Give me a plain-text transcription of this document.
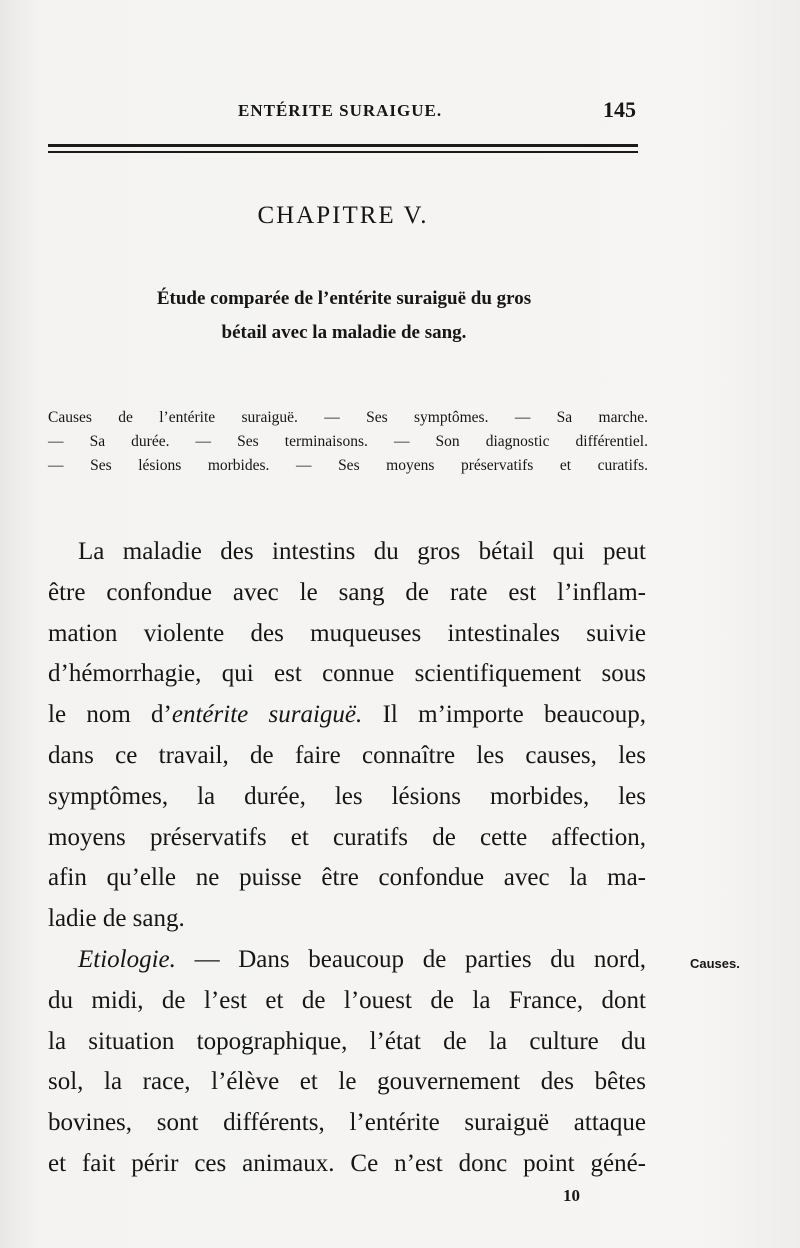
ENTÉRITE SURAIGUE.	145
CHAPITRE V.
Étude comparée de l’entérite suraiguë du gros
bétail avec la maladie de sang.
Causes de l’entérite suraiguë. — Ses symptômes. — Sa marche.
— Sa durée. — Ses terminaisons. — Son diagnostic différentiel.
— Ses lésions morbides. — Ses moyens préservatifs et curatifs.
La maladie des intestins du gros bétail qui peut
être confondue avec le sang de rate est l’inflam-
mation violente des muqueuses intestinales suivie
d’hémorrhagie, qui est connue scientifiquement sous
le nom d’entérite suraiguë. Il m’importe beaucoup,
dans ce travail, de faire connaître les causes, les
symptômes, la durée, les lésions morbides, les
moyens préservatifs et curatifs de cette affection,
afin qu’elle ne puisse être confondue avec la ma-
ladie de sang.
Etiologie. — Dans beaucoup de parties du nord,
du midi, de l’est et de l’ouest de la France, dont
la situation topographique, l’état de la culture du
sol, la race, l’élève et le gouvernement des bêtes
bovines, sont différents, l’entérite suraiguë attaque
et fait périr ces animaux. Ce n’est donc point géné-
Causes.
10
